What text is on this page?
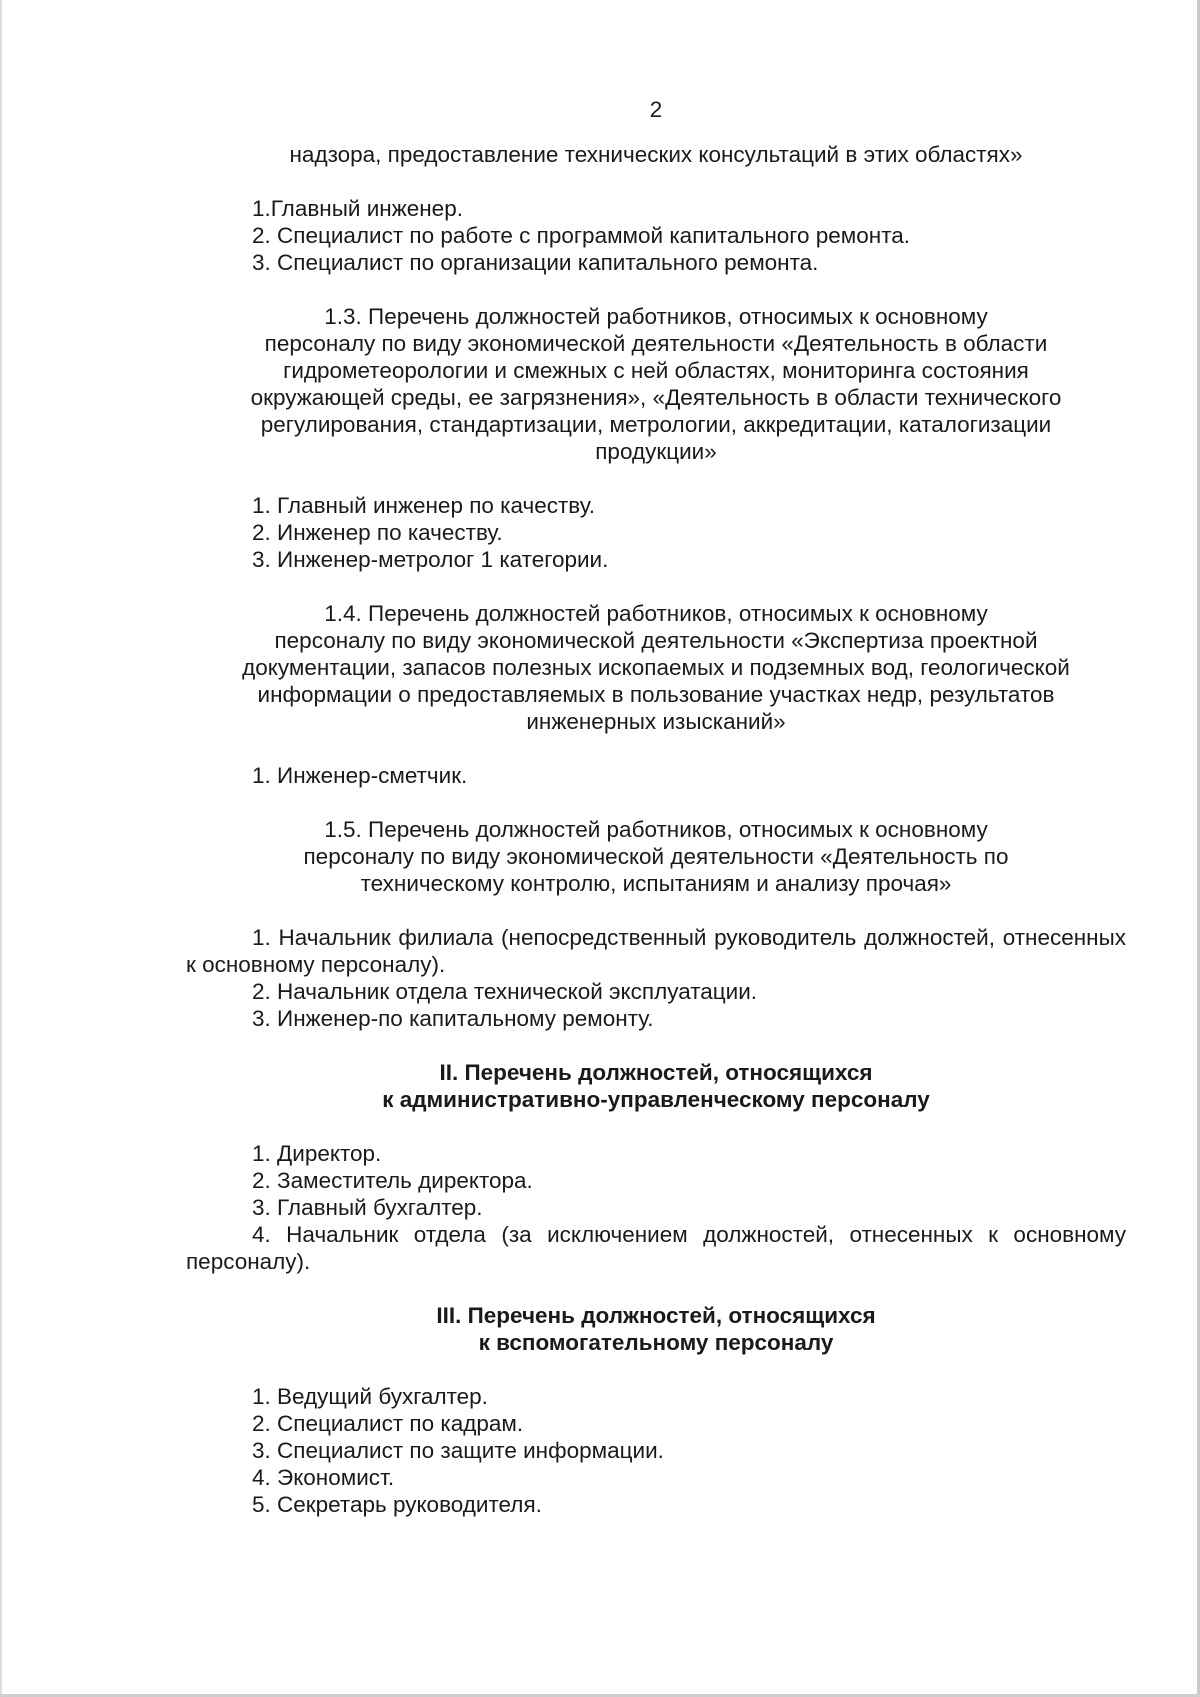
2

надзора, предоставление технических консультаций в этих областях»

1.Главный инженер.

2. Специалист по работе с программой капитального ремонта.

3. Специалист по организации капитального ремонта.

1.3. Перечень должностей работников, относимых к основному

персоналу по виду экономической деятельности «Деятельность в области

гидрометеорологии и смежных с ней областях, мониторинга состояния

окружающей среды, ее загрязнения», «Деятельность в области технического

регулирования, стандартизации, метрологии, аккредитации, каталогизации

продукции»

1. Главный инженер по качеству.

2. Инженер по качеству.

3. Инженер-метролог 1 категории.

1.4. Перечень должностей работников, относимых к основному

персоналу по виду экономической деятельности «Экспертиза проектной

документации, запасов полезных ископаемых и подземных вод, геологической

информации о предоставляемых в пользование участках недр, результатов

инженерных изысканий»

1. Инженер-сметчик.

1.5. Перечень должностей работников, относимых к основному

персоналу по виду экономической деятельности «Деятельность по

техническому контролю, испытаниям и анализу прочая»

1. Начальник филиала (непосредственный руководитель должностей, отнесенных к основному персоналу).

2. Начальник отдела технической эксплуатации.

3. Инженер-по капитальному ремонту.

II. Перечень должностей, относящихся

к административно-управленческому персоналу

1. Директор.

2. Заместитель директора.

3. Главный бухгалтер.

4. Начальник отдела (за исключением должностей, отнесенных к основному персоналу).

III. Перечень должностей, относящихся

к вспомогательному персоналу

1. Ведущий бухгалтер.

2. Специалист по кадрам.

3. Специалист по защите информации.

4. Экономист.

5. Секретарь руководителя.
